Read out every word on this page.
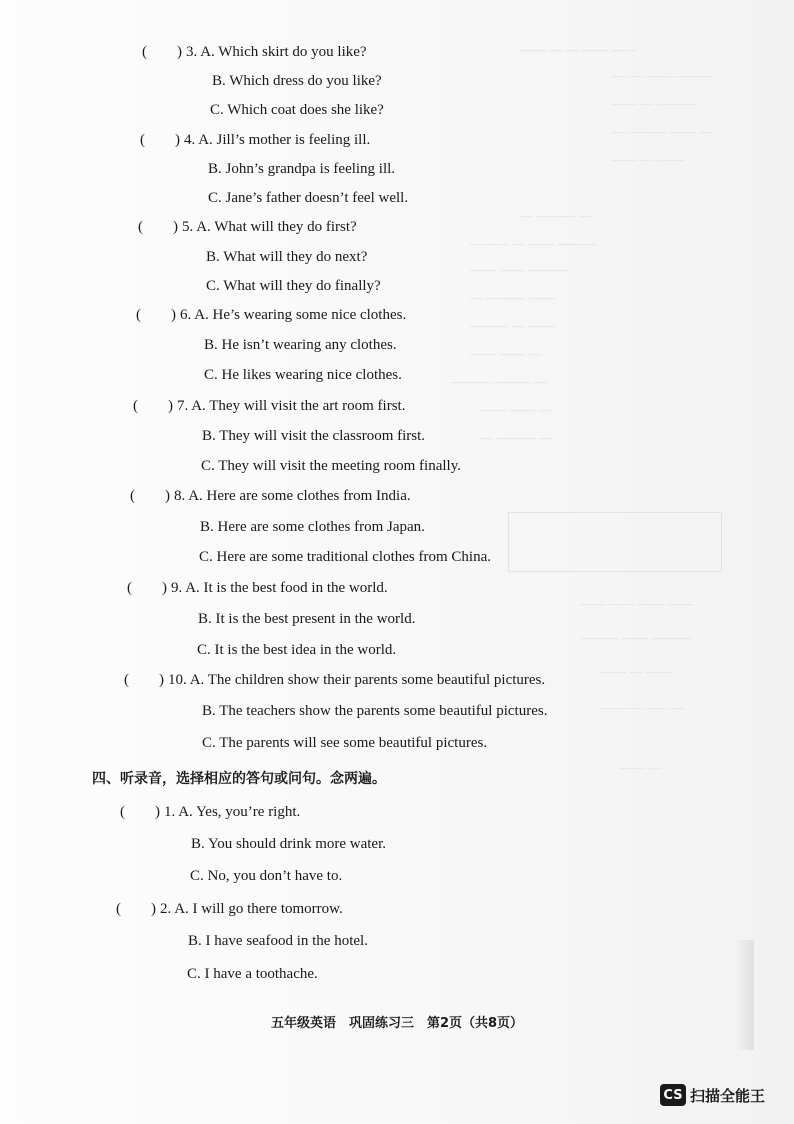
―― ― ― ―― ――
― ― ―― ―――
―― ― ―――
― ――― ―― ―
―― ― ――
― ――― ―
――― ― ―― ―――
―― ―― ―――
― ――― ――
――― ― ――
―― ―― ―
――― ――― ―
―― ―― ―
― ――― ―
―― ―― ―― ――
――― ―― ―――
―― ― ――
――― ―― ―
―― ―
( ) 3. A. Which skirt do you like?
B. Which dress do you like?
C. Which coat does she like?
( ) 4. A. Jill’s mother is feeling ill.
B. John’s grandpa is feeling ill.
C. Jane’s father doesn’t feel well.
( ) 5. A. What will they do first?
B. What will they do next?
C. What will they do finally?
( ) 6. A. He’s wearing some nice clothes.
B. He isn’t wearing any clothes.
C. He likes wearing nice clothes.
( ) 7. A. They will visit the art room first.
B. They will visit the classroom first.
C. They will visit the meeting room finally.
( ) 8. A. Here are some clothes from India.
B. Here are some clothes from Japan.
C. Here are some traditional clothes from China.
( ) 9. A. It is the best food in the world.
B. It is the best present in the world.
C. It is the best idea in the world.
( ) 10. A. The children show their parents some beautiful pictures.
B. The teachers show the parents some beautiful pictures.
C. The parents will see some beautiful pictures.
四、听录音，选择相应的答句或问句。念两遍。
( ) 1. A. Yes, you’re right.
B. You should drink more water.
C. No, you don’t have to.
( ) 2. A. I will go there tomorrow.
B. I have seafood in the hotel.
C. I have a toothache.
五年级英语　巩固练习三　第2页（共8页）
CS 扫描全能王
